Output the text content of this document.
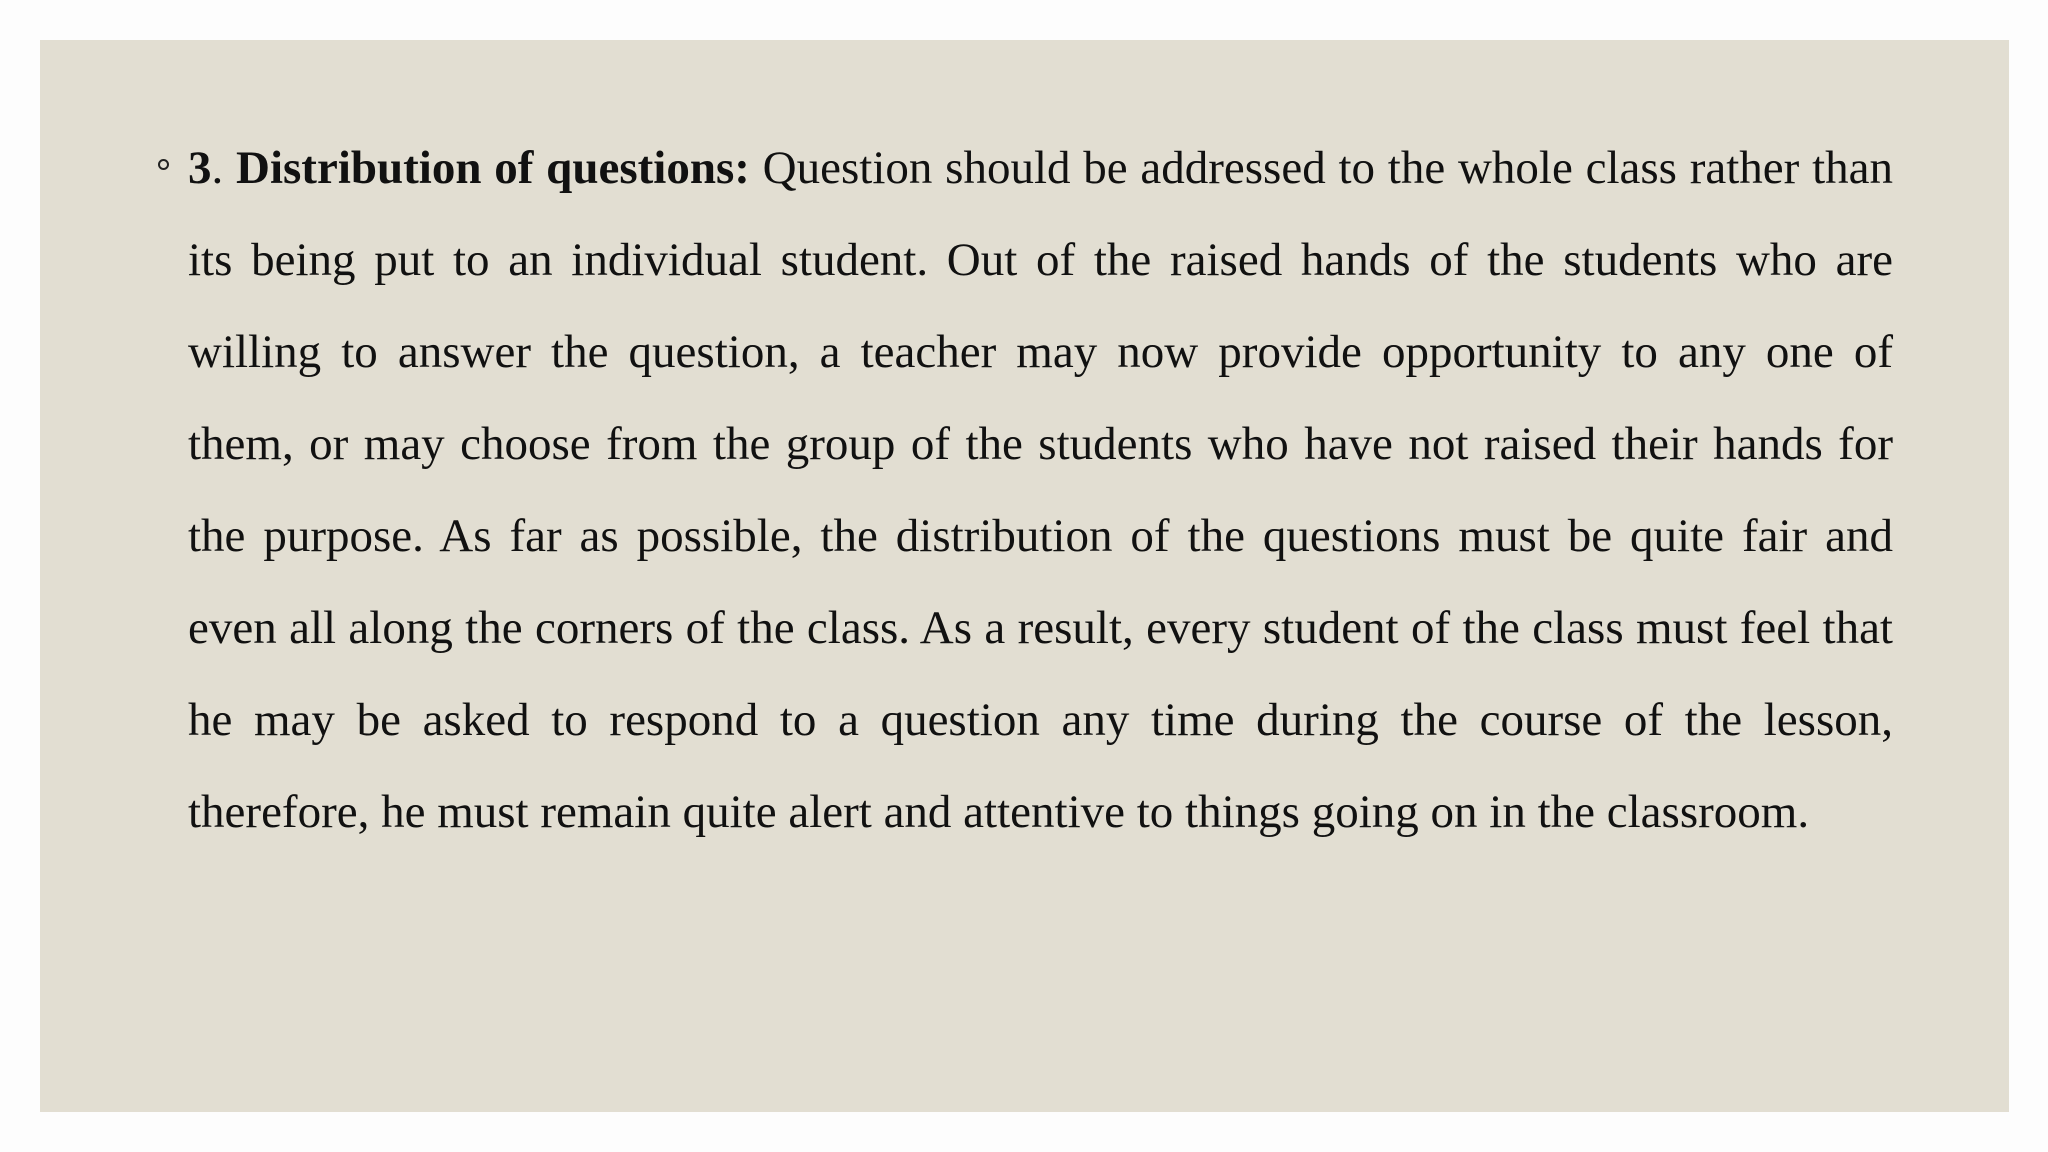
3. Distribution of questions: Question should be addressed to the whole class rather than its being put to an individual student. Out of the raised hands of the students who are willing to answer the question, a teacher may now provide opportunity to any one of them, or may choose from the group of the students who have not raised their hands for the purpose. As far as possible, the distribution of the questions must be quite fair and even all along the corners of the class. As a result, every student of the class must feel that he may be asked to respond to a question any time during the course of the lesson, therefore, he must remain quite alert and attentive to things going on in the classroom.
